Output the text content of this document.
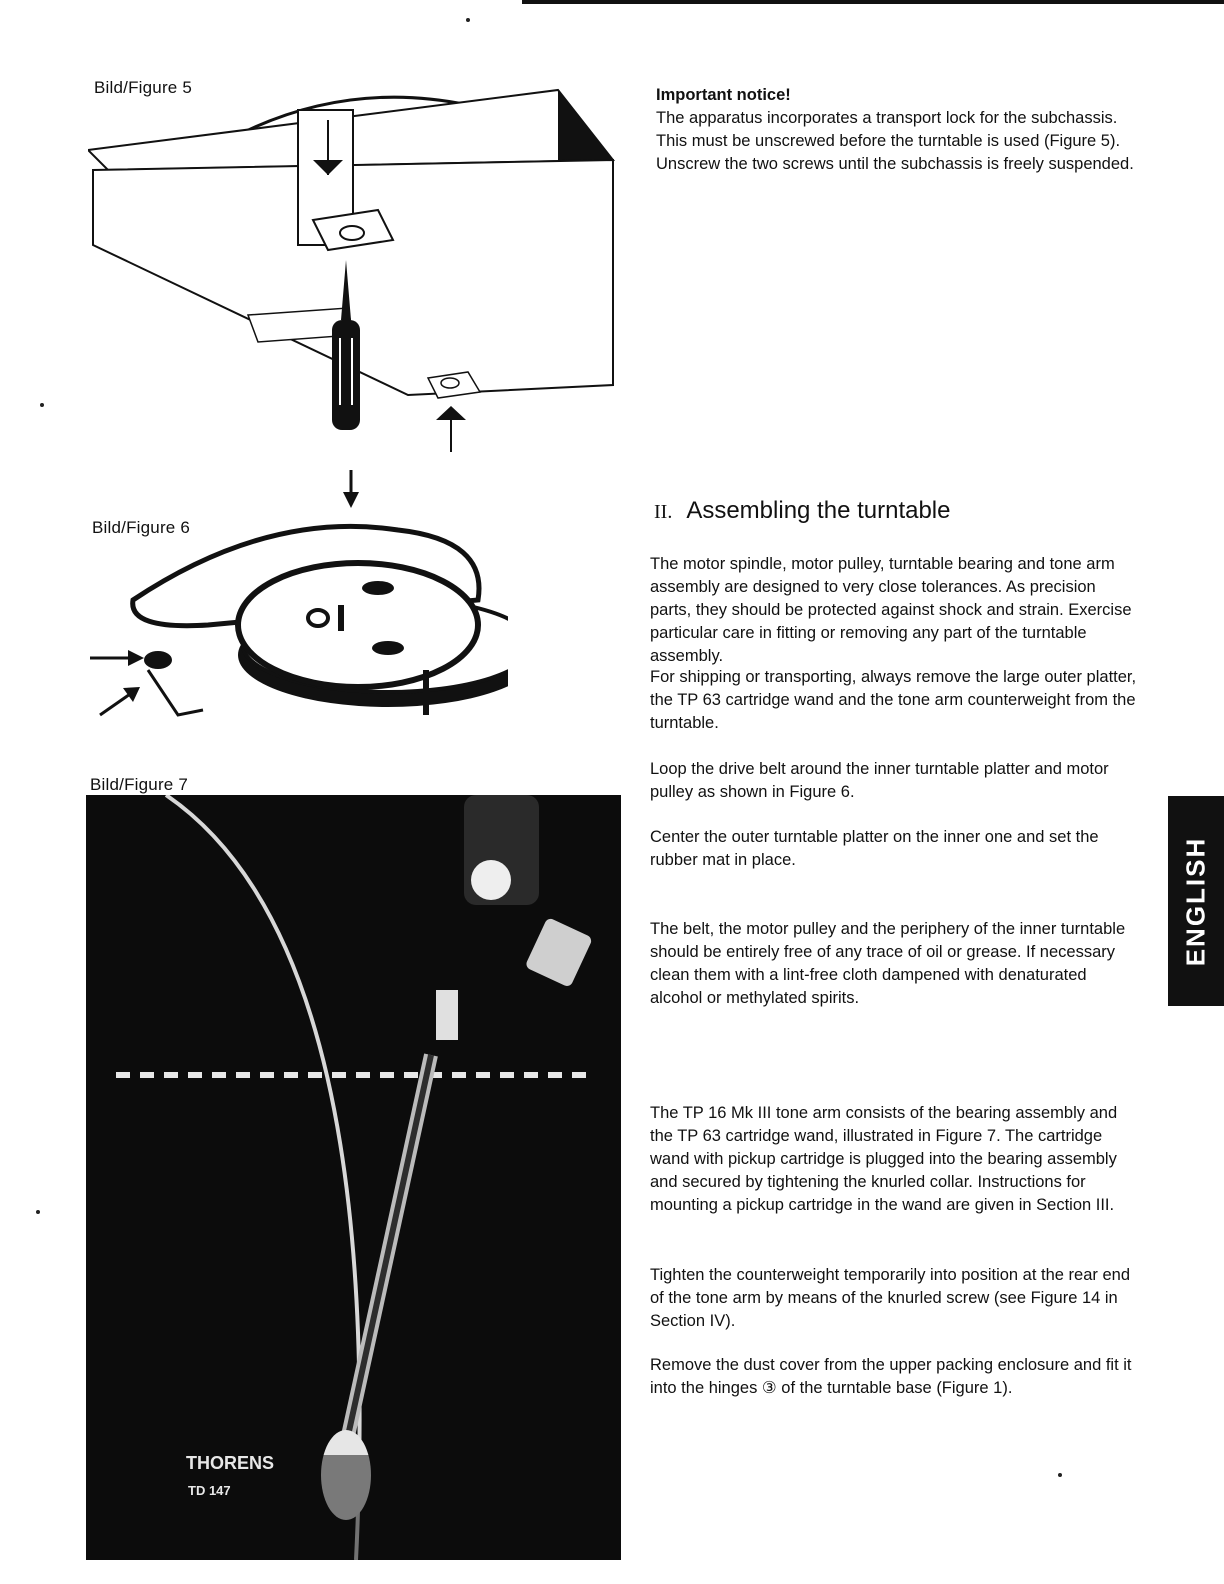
Bild/Figure 5
Bild/Figure 6
Bild/Figure 7
THORENS
TD 147

Important notice!

The apparatus incorporates a transport lock for the subchassis. This must be unscrewed before the turntable is used (Figure 5).

Unscrew the two screws until the subchassis is freely suspended.

II. Assembling the turntable
The motor spindle, motor pulley, turntable bearing and tone arm assembly are designed to very close tolerances. As precision parts, they should be protected against shock and strain. Exercise particular care in fitting or removing any part of the turntable assembly.
For shipping or transporting, always remove the large outer platter, the TP 63 cartridge wand and the tone arm counterweight from the turntable.
Loop the drive belt around the inner turntable platter and motor pulley as shown in Figure 6.
Center the outer turntable platter on the inner one and set the rubber mat in place.
The belt, the motor pulley and the periphery of the inner turntable should be entirely free of any trace of oil or grease. If necessary clean them with a lint-free cloth dampened with denaturated alcohol or methylated spirits.
The TP 16 Mk III tone arm consists of the bearing assembly and the TP 63 cartridge wand, illustrated in Figure 7. The cartridge wand with pickup cartridge is plugged into the bearing assembly and secured by tightening the knurled collar. Instructions for mounting a pickup cartridge in the wand are given in Section III.
Tighten the counterweight temporarily into position at the rear end of the tone arm by means of the knurled screw (see Figure 14 in Section IV).
Remove the dust cover from the upper packing enclosure and fit it into the hinges ③ of the turntable base (Figure 1).
ENGLISH
